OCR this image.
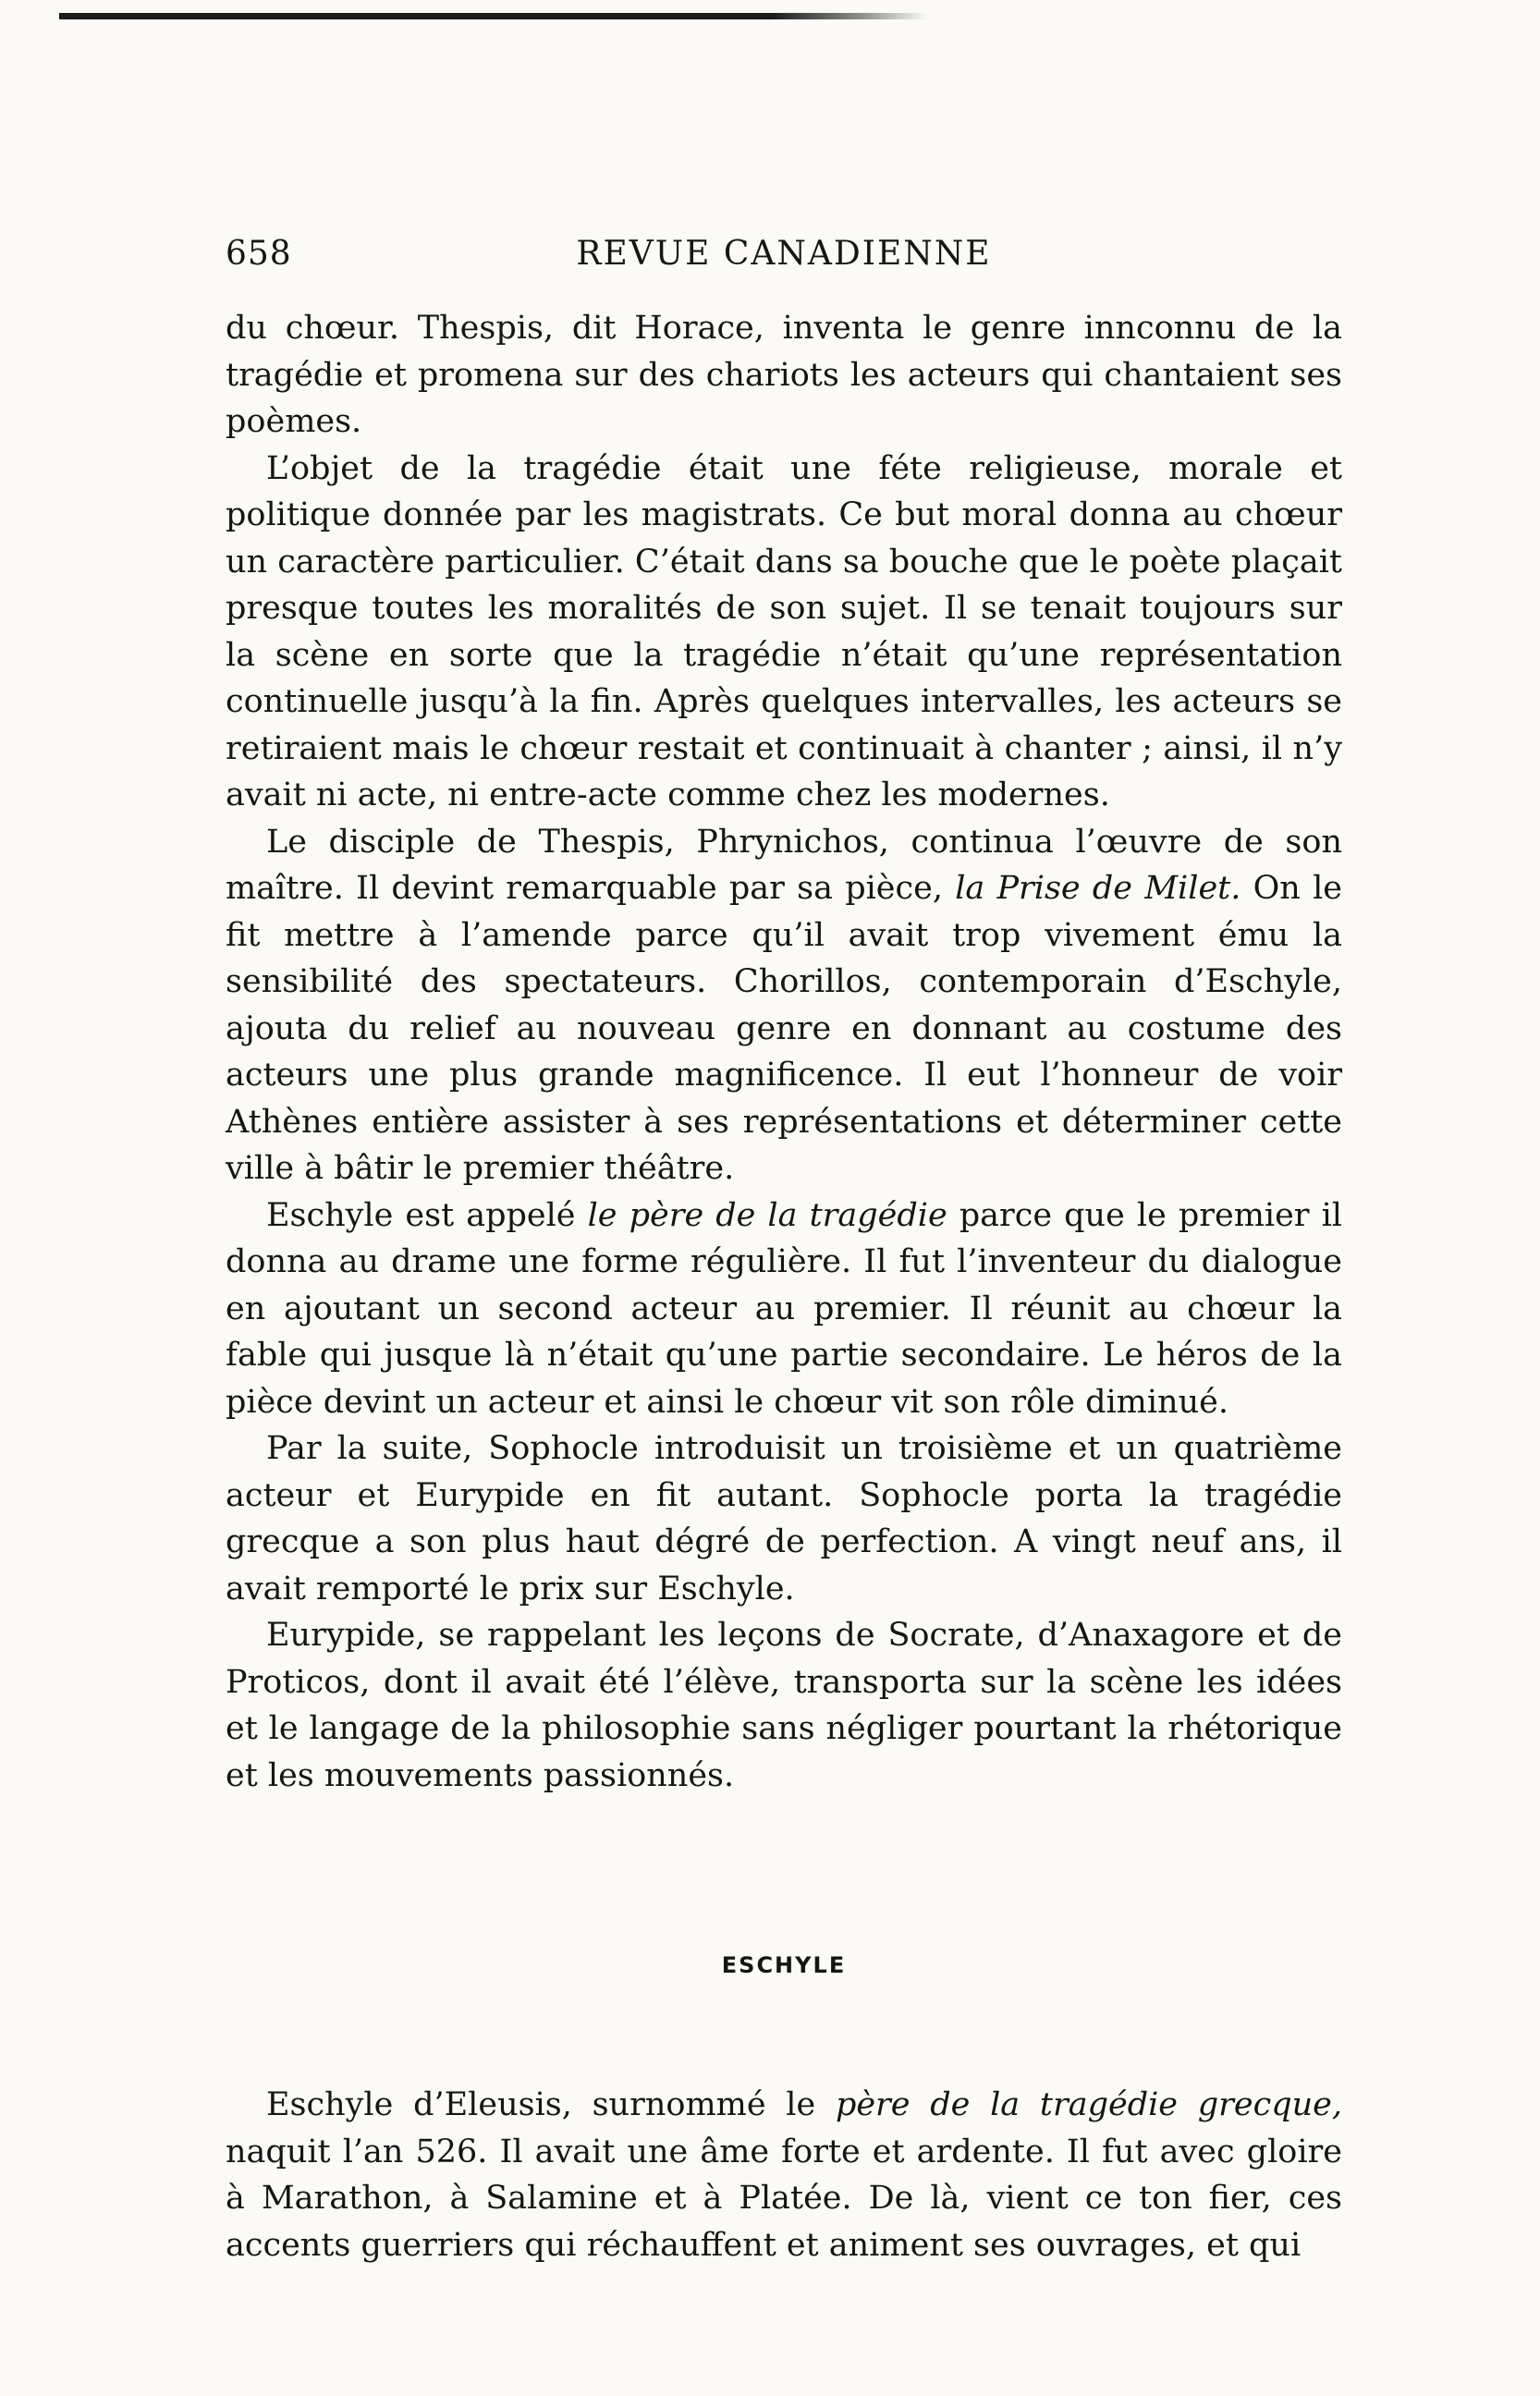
658	REVUE CANADIENNE

du chœur. Thespis, dit Horace, inventa le genre innconnu de la tragédie et promena sur des chariots les acteurs qui chantaient ses poèmes.

L’objet de la tragédie était une féte religieuse, morale et politique donnée par les magistrats. Ce but moral donna au chœur un caractère particulier. C’était dans sa bouche que le poète plaçait presque toutes les moralités de son sujet. Il se tenait toujours sur la scène en sorte que la tragédie n’était qu’une représentation continuelle jusqu’à la fin. Après quelques intervalles, les acteurs se retiraient mais le chœur restait et continuait à chanter ; ainsi, il n’y avait ni acte, ni entre-acte comme chez les modernes.

Le disciple de Thespis, Phrynichos, continua l’œuvre de son maître. Il devint remarquable par sa pièce, la Prise de Milet. On le fit mettre à l’amende parce qu’il avait trop vivement ému la sensibilité des spectateurs. Chorillos, contemporain d’Eschyle, ajouta du relief au nouveau genre en donnant au costume des acteurs une plus grande magnificence. Il eut l’honneur de voir Athènes entière assister à ses représentations et déterminer cette ville à bâtir le premier théâtre.

Eschyle est appelé le père de la tragédie parce que le premier il donna au drame une forme régulière. Il fut l’inventeur du dialogue en ajoutant un second acteur au premier. Il réunit au chœur la fable qui jusque là n’était qu’une partie secondaire. Le héros de la pièce devint un acteur et ainsi le chœur vit son rôle diminué.

Par la suite, Sophocle introduisit un troisième et un quatrième acteur et Eurypide en fit autant. Sophocle porta la tragédie grecque a son plus haut dégré de perfection. A vingt neuf ans, il avait remporté le prix sur Eschyle.

Eurypide, se rappelant les leçons de Socrate, d’Anaxagore et de Proticos, dont il avait été l’élève, transporta sur la scène les idées et le langage de la philosophie sans négliger pourtant la rhétorique et les mouvements passionnés.

ESCHYLE

Eschyle d’Eleusis, surnommé le père de la tragédie grecque, naquit l’an 526. Il avait une âme forte et ardente. Il fut avec gloire à Marathon, à Salamine et à Platée. De là, vient ce ton fier, ces accents guerriers qui réchauffent et animent ses ouvrages, et qui
